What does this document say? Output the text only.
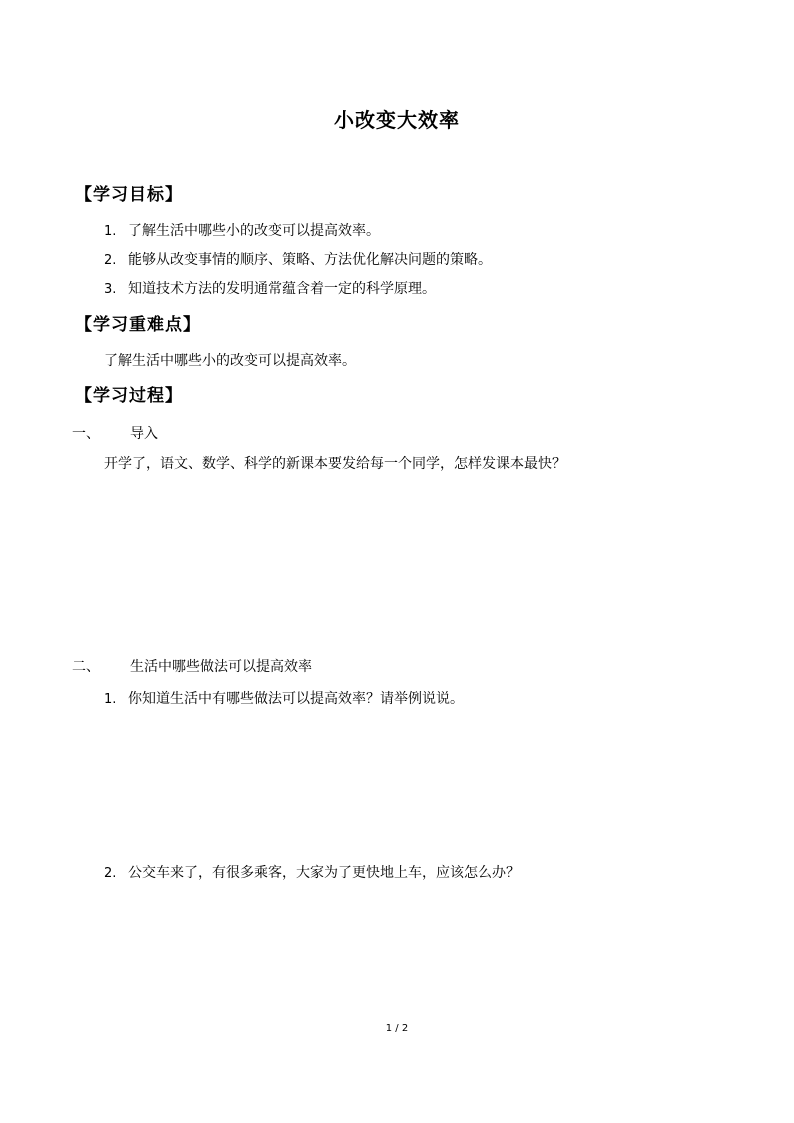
小改变大效率
【学习目标】
1. 了解生活中哪些小的改变可以提高效率。
2. 能够从改变事情的顺序、策略、方法优化解决问题的策略。
3. 知道技术方法的发明通常蕴含着一定的科学原理。
【学习重难点】
了解生活中哪些小的改变可以提高效率。
【学习过程】
一、 导入
开学了，语文、数学、科学的新课本要发给每一个同学，怎样发课本最快？
二、 生活中哪些做法可以提高效率
1. 你知道生活中有哪些做法可以提高效率？请举例说说。
2. 公交车来了，有很多乘客，大家为了更快地上车，应该怎么办？
1 / 2
